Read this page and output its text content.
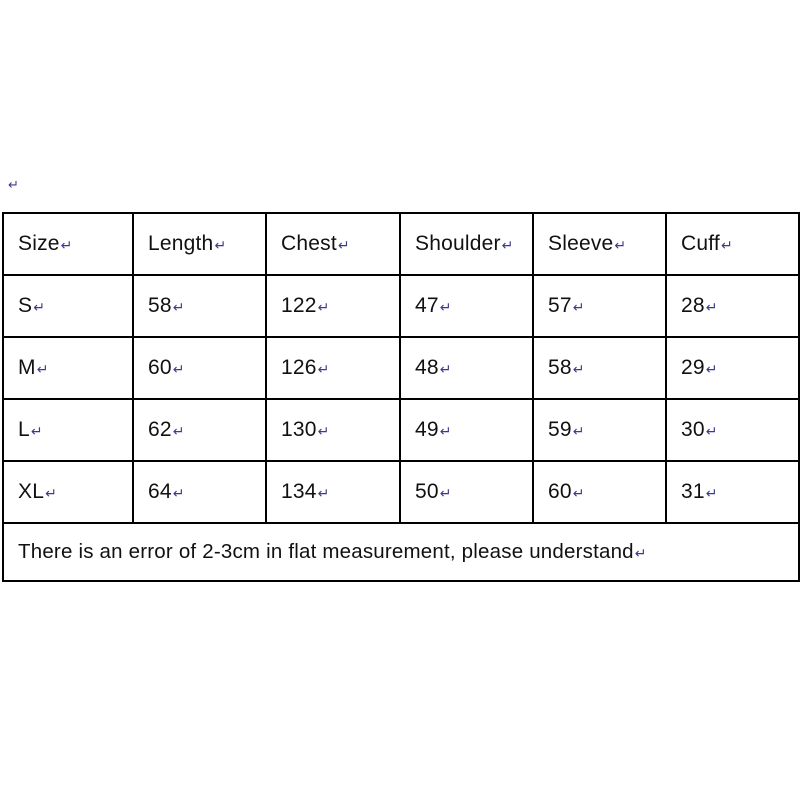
↵
Size↵	Length↵	Chest↵	Shoulder↵	Sleeve↵	Cuff↵
S↵	58↵	122↵	47↵	57↵	28↵
M↵	60↵	126↵	48↵	58↵	29↵
L↵	62↵	130↵	49↵	59↵	30↵
XL↵	64↵	134↵	50↵	60↵	31↵
There is an error of 2-3cm in flat measurement, please understand↵					
